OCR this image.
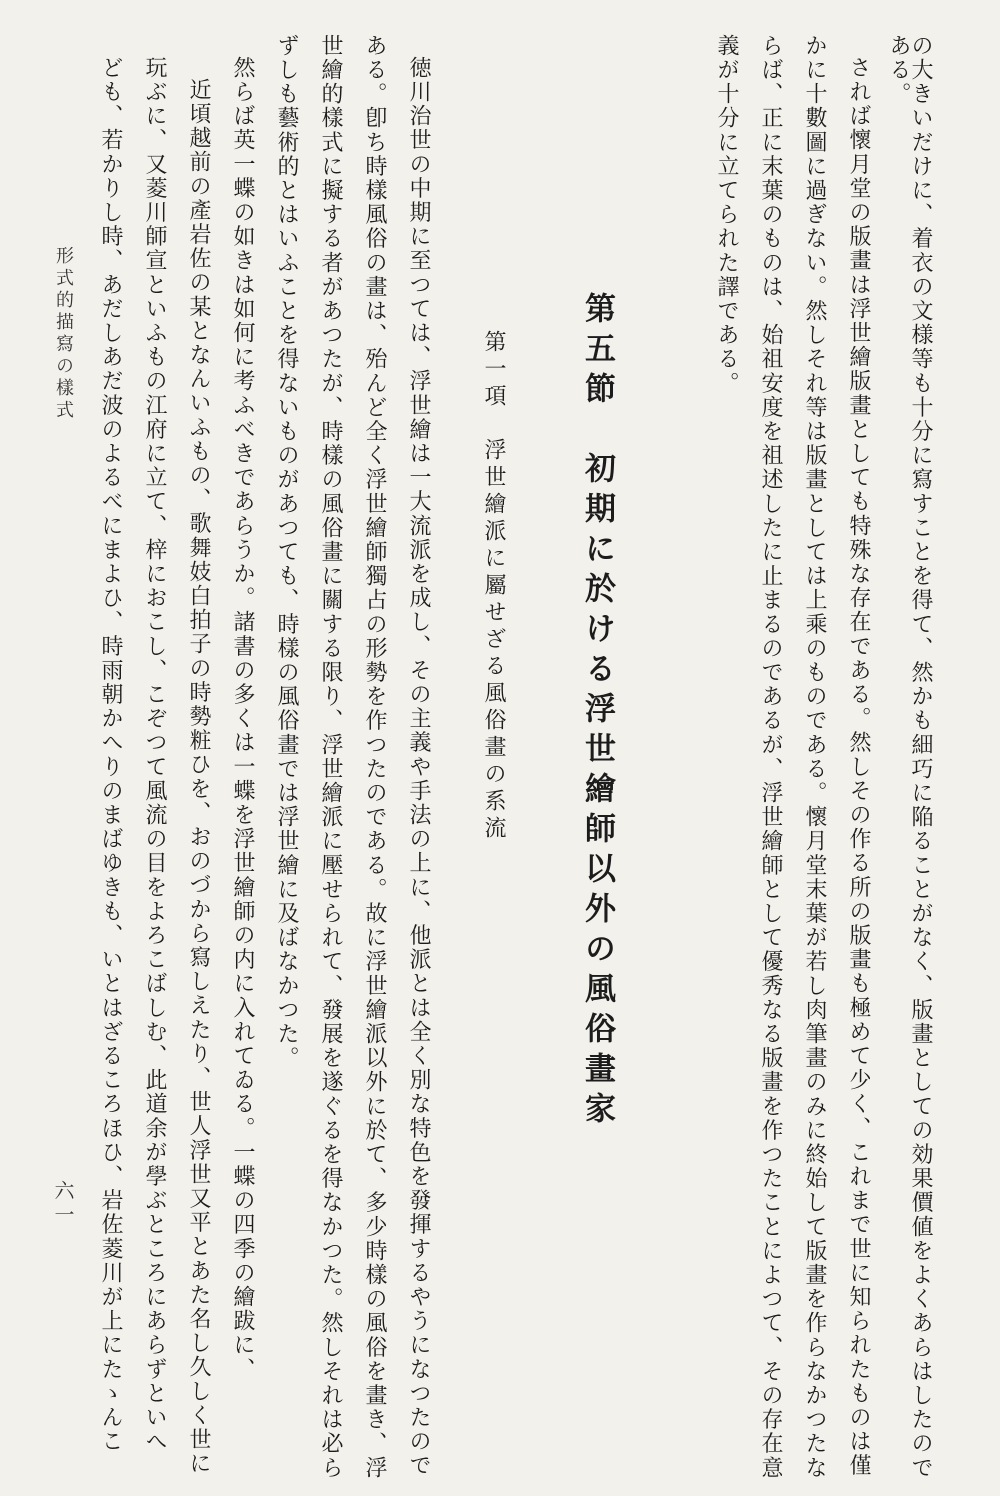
の大きいだけに、着衣の文様等も十分に寫すことを得て、然かも細巧に陥ることがなく、版畫としての効果價値をよくあらはしたので
ある。
されば懷月堂の版畫は浮世繪版畫としても特殊な存在である。然しその作る所の版畫も極めて少く、これまで世に知られたものは僅
かに十數圖に過ぎない。然しそれ等は版畫としては上乘のものである。懷月堂末葉が若し肉筆畫のみに終始して版畫を作らなかつたな
らば、正に末葉のものは、始祖安度を祖述したに止まるのであるが、浮世繪師として優秀なる版畫を作つたことによつて、その存在意
義が十分に立てられた譯である。
第五節　初期に於ける浮世繪師以外の風俗畫家
第一項　浮世繪派に屬せざる風俗畫の系流
徳川治世の中期に至つては、浮世繪は一大流派を成し、その主義や手法の上に、他派とは全く別な特色を發揮するやうになつたので
ある。卽ち時樣風俗の畫は、殆んど全く浮世繪師獨占の形勢を作つたのである。故に浮世繪派以外に於て、多少時樣の風俗を畫き、浮
世繪的樣式に擬する者があつたが、時樣の風俗畫に關する限り、浮世繪派に壓せられて、發展を遂ぐるを得なかつた。然しそれは必ら
ずしも藝術的とはいふことを得ないものがあつても、時樣の風俗畫では浮世繪に及ばなかつた。
然らば英一蝶の如きは如何に考ふべきであらうか。諸書の多くは一蝶を浮世繪師の内に入れてゐる。一蝶の四季の繪跋に、
近頃越前の產岩佐の某となんいふもの、歌舞妓白拍子の時勢粧ひを、おのづから寫しえたり、世人浮世又平とあた名し久しく世に
玩ぶに、又菱川師宣といふもの江府に立て、梓におこし、こぞつて風流の目をよろこばしむ、此道余が學ぶところにあらずといへ
ども、若かりし時、あだしあだ波のよるべにまよひ、時雨朝かへりのまばゆきも、いとはざるころほひ、岩佐菱川が上にたゝんこ
形式的描寫の樣式
六一
